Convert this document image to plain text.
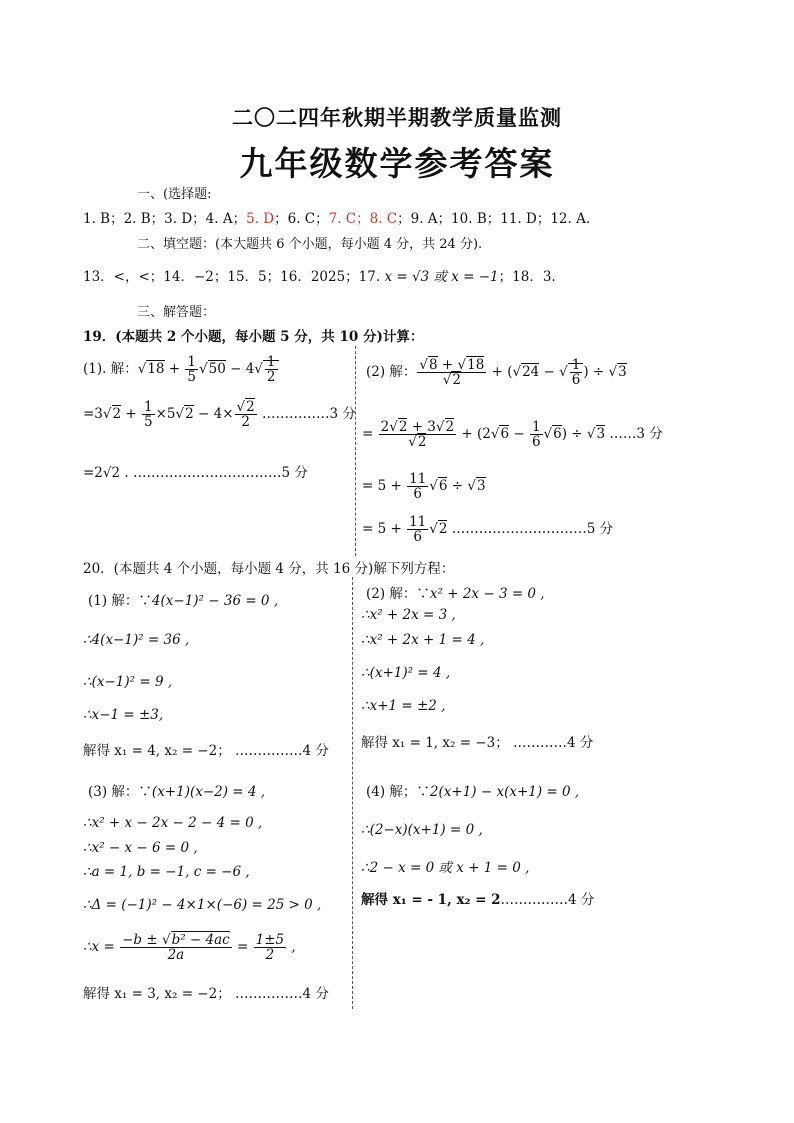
二〇二四年秋期半期教学质量监测
九年级数学参考答案
一、(选择题:
1. B；2. B；3. D；4. A；5. D；6. C；7. C；8. C；9. A；10. B；11. D；12. A.
二、填空题：(本大题共 6 个小题，每小题 4 分，共 24 分).
13．<，<；14．−2；15．5；16．2025；17. x = √3 或 x = −1；18．3.
三、解答题：
19．(本题共 2 个小题，每小题 5 分，共 10 分)计算：
(1). 解：$√18 + \frac{1}{5} √50 - 4√ \frac{1}{2}$
$=3√2 + \frac{1}{5} \times 5√2 - 4\times \frac{√2}{2}$ ……………3 分
=2√2 . ……………………………5 分
(2) 解： $\frac{√8 + √18}{√2} + (√24$ − √ $\frac{1}{6}$ ) ÷ √3
= $\frac{2√2 + 3√2}{√2} + (2√6 - \frac{1}{6} √6) \div √3$ ……3 分
= $5 + \frac{11}{6} √6 \div √3$
= $5 + \frac{11}{6} √2$ …………………………5 分
20．(本题共 4 个小题，每小题 4 分，共 16 分)解下列方程：
(1) 解：∵4(x−1)² − 36 = 0 ,
∴4(x−1)² = 36 ,
∴(x−1)² = 9 ,
∴x−1 = ±3,
解得 x₁ = 4, x₂ = −2； ……………4 分
(2) 解：∵x² + 2x − 3 = 0 ,
∴x² + 2x = 3 ,
∴x² + 2x + 1 = 4 ,
∴(x+1)² = 4 ,
∴x+1 = ±2 ,
解得 x₁ = 1, x₂ = −3； …………4 分
(3) 解：∵(x+1)(x−2) = 4 ,
∴x² + x − 2x − 2 − 4 = 0 ,
∴x² − x − 6 = 0 ,
∴a = 1, b = −1, c = −6 ,
∴Δ = (−1)² − 4×1×(−6) = 25 > 0 ,
∴x = $\frac{\text{−b ± √b² − 4ac}}{2a} = \frac{1\pm 5}{2}$ ,
解得 x₁ = 3, x₂ = −2； ……………4 分
(4) 解；∵2(x+1) − x(x+1) = 0 ,
∴(2−x)(x+1) = 0 ,
∴2 − x = 0 或 x + 1 = 0 ,
解得 x₁ = - 1, x₂ = 2……………4 分
